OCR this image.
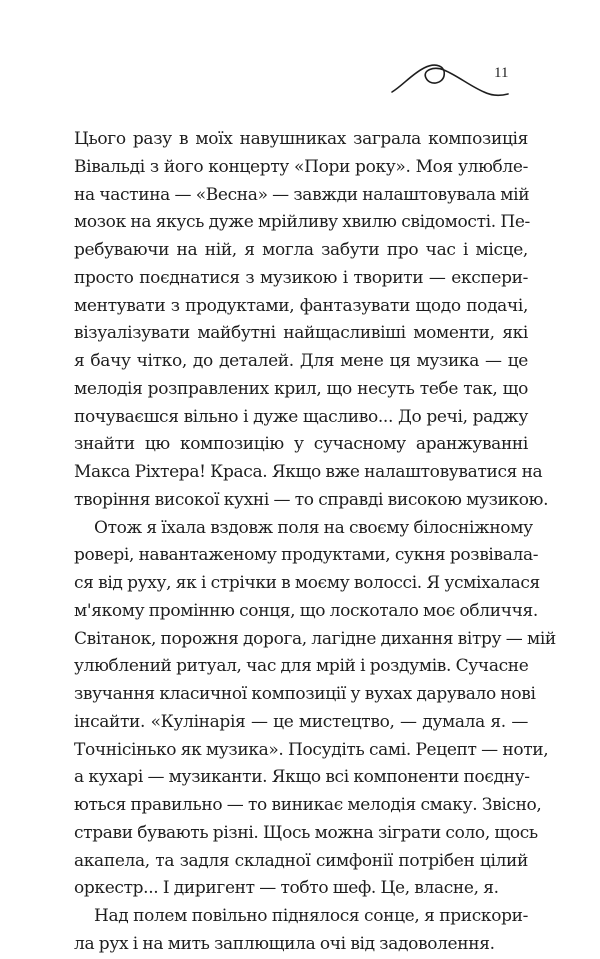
11
Цього разу в моїх навушниках заграла композиція
Вівальді з його концерту «Пори року». Моя улюбле-
на частина — «Весна» — завжди налаштовувала мій
мозок на якусь дуже мрійливу хвилю свідомості. Пе-
ребуваючи на ній, я могла забути про час і місце,
просто поєднатися з музикою і творити — експери-
ментувати з продуктами, фантазувати щодо подачі,
візуалізувати майбутні найщасливіші моменти, які
я бачу чітко, до деталей. Для мене ця музика — це
мелодія розправлених крил, що несуть тебе так, що
почуваєшся вільно і дуже щасливо... До речі, раджу
знайти цю композицію у сучасному аранжуванні
Макса Ріхтера! Краса. Якщо вже налаштовуватися на
творіння високої кухні — то справді високою музикою.
Отож я їхала вздовж поля на своєму білосніжному
ровері, навантаженому продуктами, сукня розвівала-
ся від руху, як і стрічки в моєму волоссі. Я усміхалася
м'якому промінню сонця, що лоскотало моє обличчя.
Світанок, порожня дорога, лагідне дихання вітру — мій
улюблений ритуал, час для мрій і роздумів. Сучасне
звучання класичної композиції у вухах дарувало нові
інсайти. «Кулінарія — це мистецтво, — думала я. —
Точнісінько як музика». Посудіть самі. Рецепт — ноти,
а кухарі — музиканти. Якщо всі компоненти поєдну-
ються правильно — то виникає мелодія смаку. Звісно,
страви бувають різні. Щось можна зіграти соло, щось
акапела, та задля складної симфонії потрібен цілий
оркестр... І диригент — тобто шеф. Це, власне, я.
Над полем повільно піднялося сонце, я прискори-
ла рух і на мить заплющила очі від задоволення.
